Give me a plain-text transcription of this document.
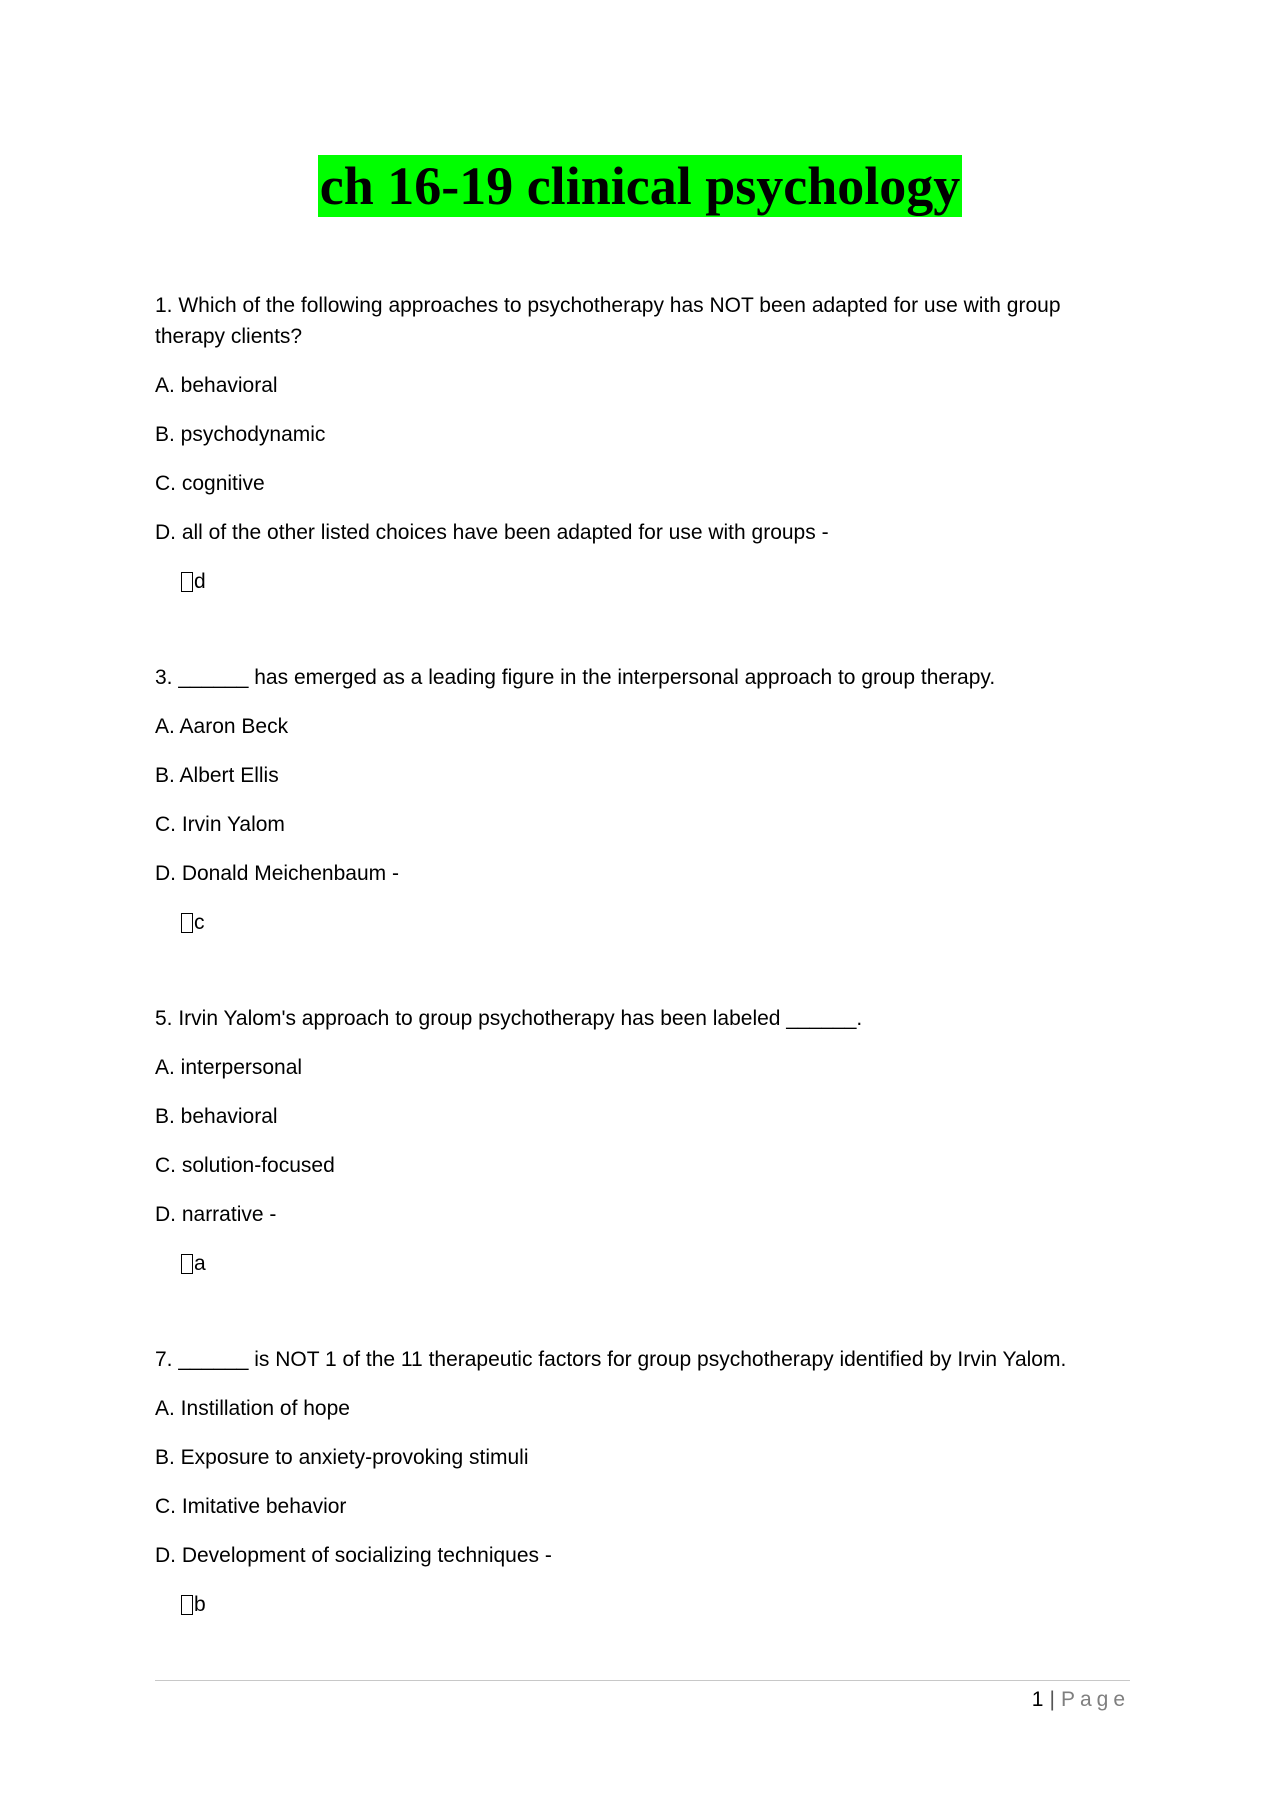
ch 16-19 clinical psychology

1. Which of the following approaches to psychotherapy has NOT been adapted for use with group therapy clients?

A. behavioral

B. psychodynamic

C. cognitive

D. all of the other listed choices have been adapted for use with groups -

d

3. ______ has emerged as a leading figure in the interpersonal approach to group therapy.

A. Aaron Beck

B. Albert Ellis

C. Irvin Yalom

D. Donald Meichenbaum -

c

5. Irvin Yalom's approach to group psychotherapy has been labeled ______.

A. interpersonal

B. behavioral

C. solution-focused

D. narrative -

a

7. ______ is NOT 1 of the 11 therapeutic factors for group psychotherapy identified by Irvin Yalom.

A. Instillation of hope

B. Exposure to anxiety-provoking stimuli

C. Imitative behavior

D. Development of socializing techniques -

b
1 | Page
